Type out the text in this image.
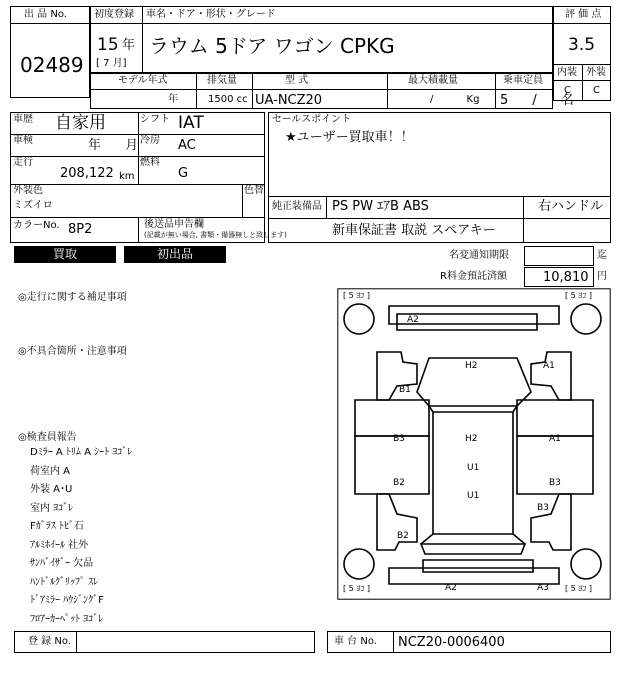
出 品 No.
02489
初度登録 車名・ドア・形状・グレード
15 年
[ 7 月]
ラウム 5ドア ワゴン CPKG
評 価 点
3.5
内装 外装
C C
モデル年式	排気量	型 式	最大積載量	乗車定員
年	1500 cc UA-NCZ20	/ Kg 5 / 名
車歴 自家用	シフト IAT
車検	年 月 冷房 AC
走行
208,122 km
燃料
G
外装色
ミズイロ
色替
カラーNo. 8P2	後送品申告欄
(記載が無い場合, 書類・備器無しと致します)
セールスポイント
★ユーザー買取車！！
純正装備品 PS PW ｴｱB ABS	右ハンドル
新車保証書 取説 スペアキー
買取	初出品	名変通知期限	迄
R料金預託済額	10,810 円
◎走行に関する補足事項
◎不具合箇所・注意事項
◎検査員報告
Dﾐﾗｰ A ﾄﾘﾑ A ｼｰﾄ ﾖｺﾞﾚ
荷室内 A
外装 A･U
室内 ﾖｺﾞﾚ
Fｶﾞﾗｽ ﾄﾋﾞ石
ｱﾙﾐﾎｲｰﾙ 社外
ｻﾝﾊﾞｲｻﾞｰ 欠品
ﾊﾝﾄﾞﾙｸﾞﾘｯﾌﾟ ｽﾚ
ﾄﾞｱﾐﾗｰ ﾊｳｼﾞﾝｸﾞF
ﾌﾛｱｰｶｰﾍﾟｯﾄ ﾖｺﾞﾚ
[ 5 ﾖｺ ]	[ 5 ﾖｺ ]
[ 5 ﾖｺ ]	[ 5 ﾖｺ ]
A2
H2	A1
B1
B3	H2	A1
U1
B2
U1
B3
B3
B2
A2	A3
登 録 No.	車 台 No. NCZ20-0006400
